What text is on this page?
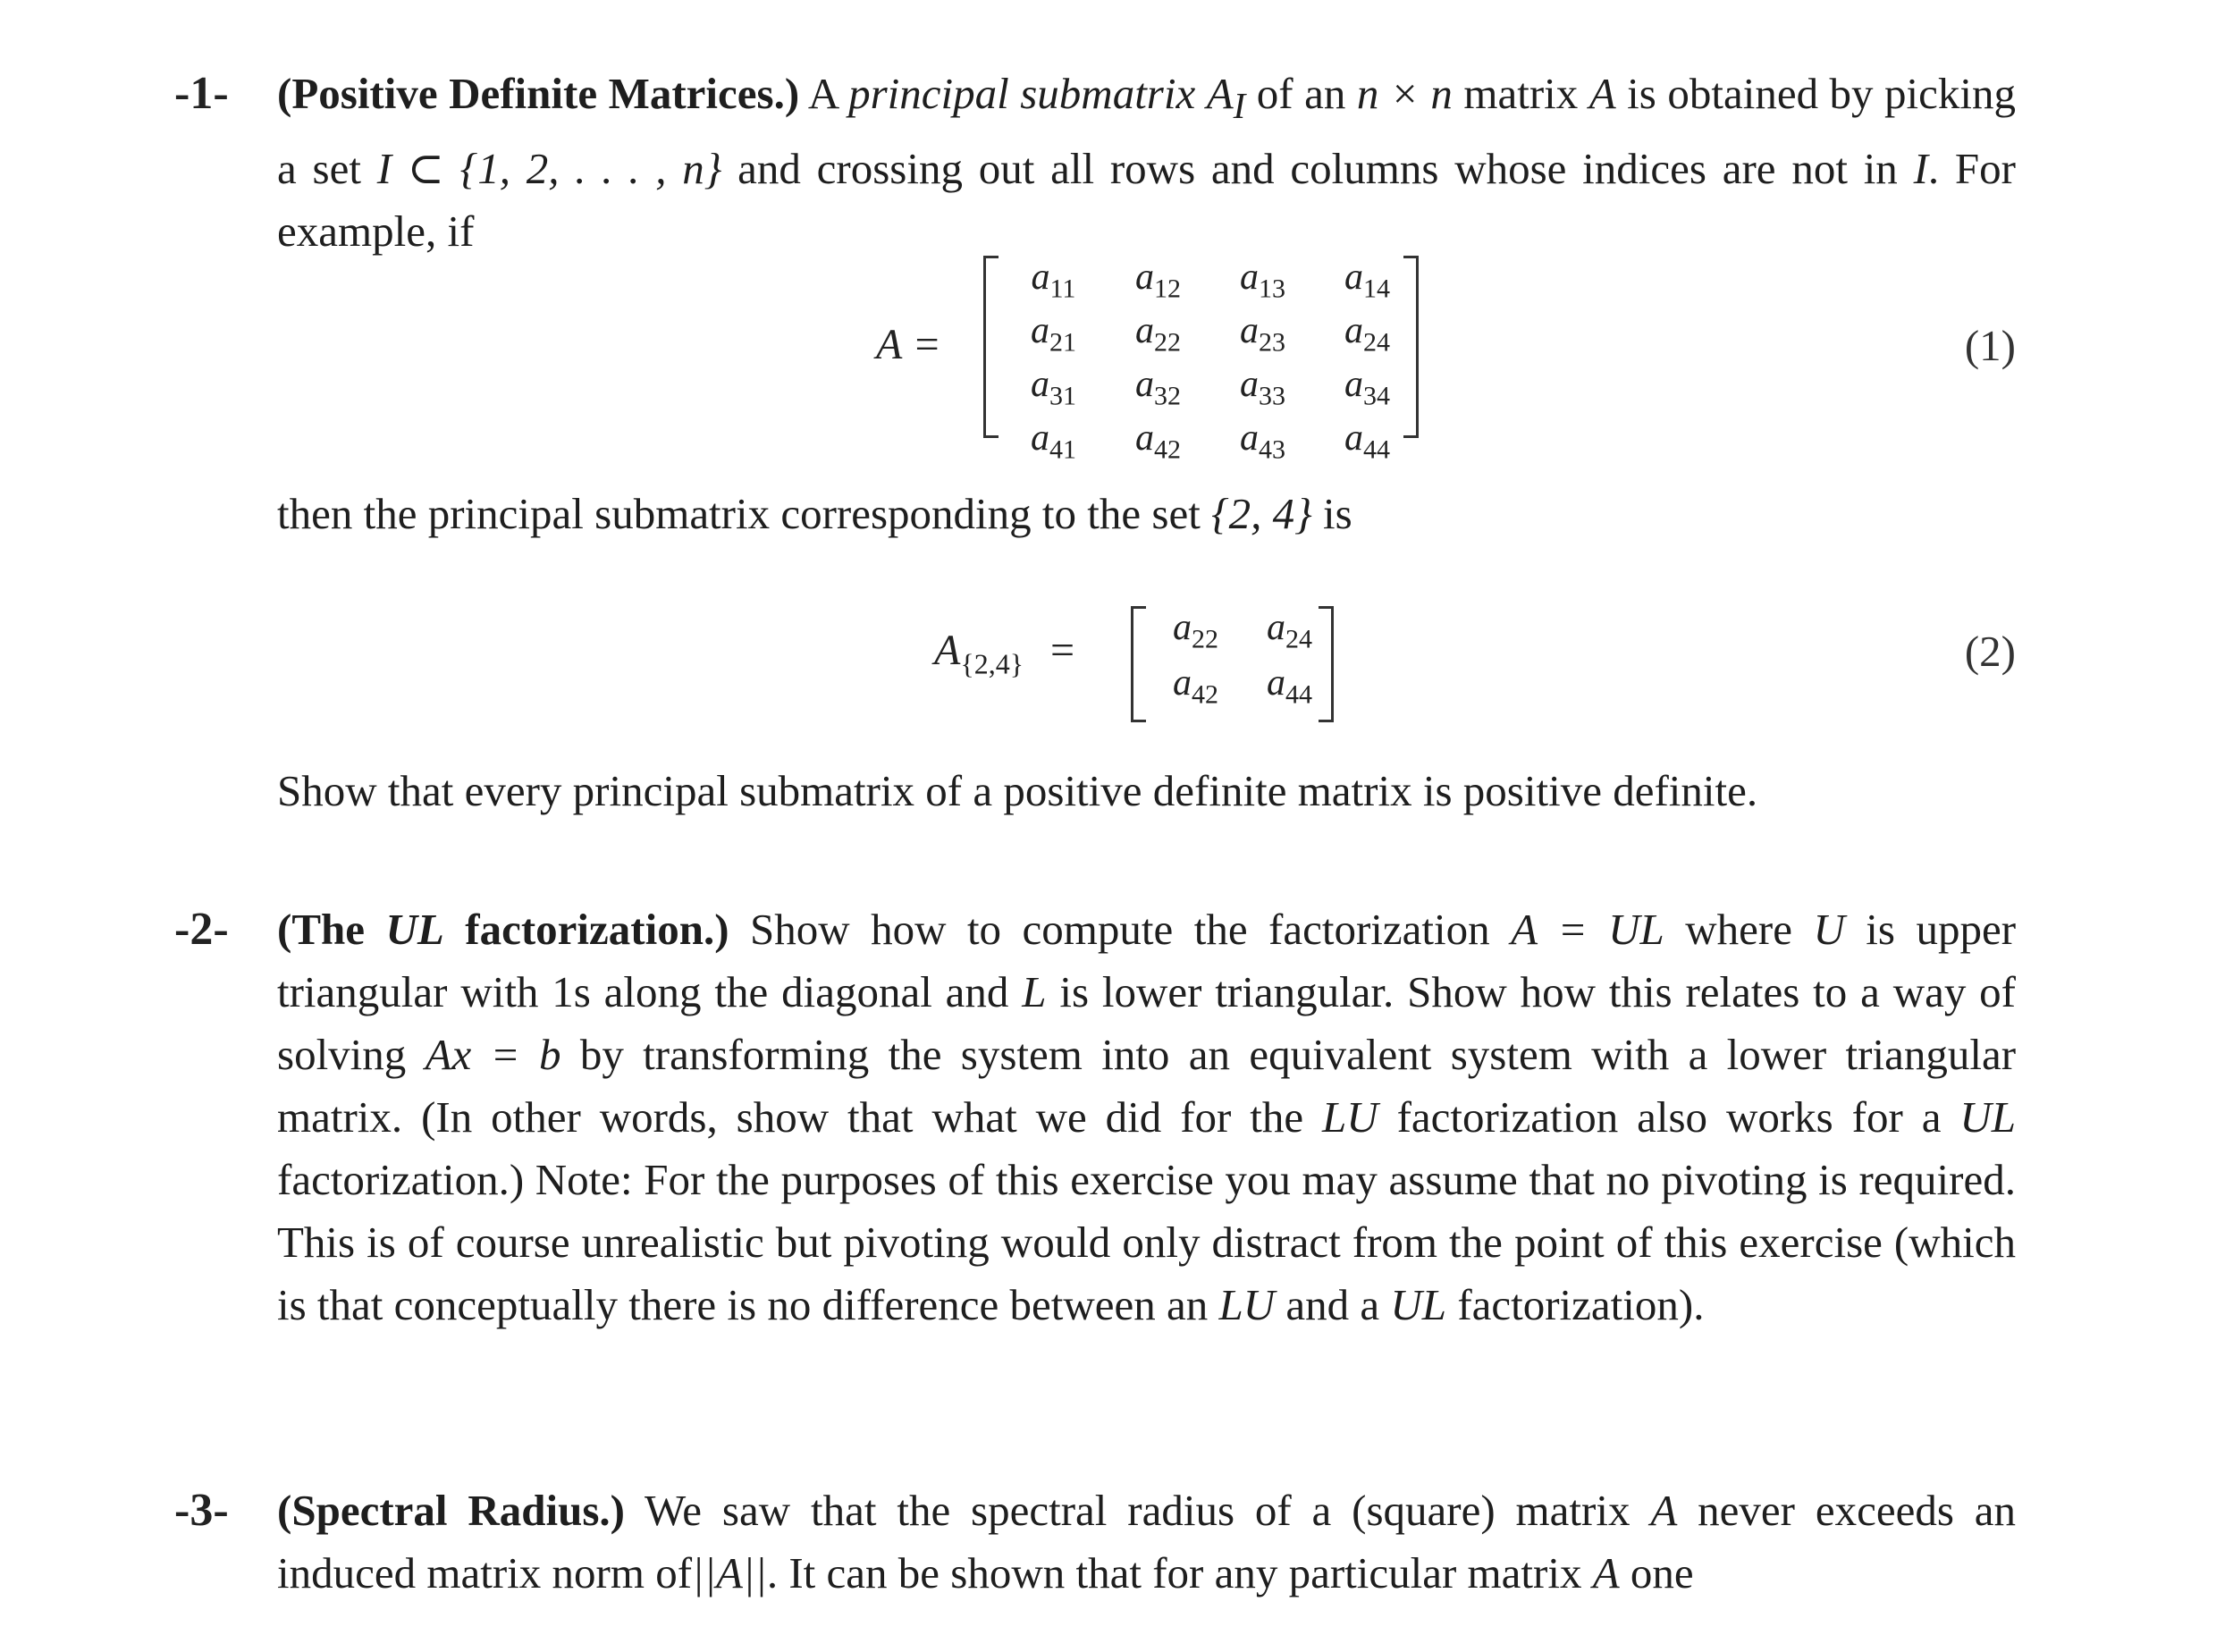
-1-	(Positive Definite Matrices.) A principal submatrix $A_I$ of an n × n matrix A is obtained by picking a set I ⊂ {1, 2, . . . , n} and crossing out all rows and columns whose indices are not in I. For example, if
A =
$a_{11}$	$a_{12}$	$a_{13}$	$a_{14}$
$a_{21}$	$a_{22}$	$a_{23}$	$a_{24}$
$a_{31}$	$a_{32}$	$a_{33}$	$a_{34}$
$a_{41}$	$a_{42}$	$a_{43}$	$a_{44}$
(1)
then the principal submatrix corresponding to the set {2, 4} is
$A_{\{2,4\}}$ =	$a_{22}$	$a_{24}$
$a_{42}$	$a_{44}$
(2)
Show that every principal submatrix of a positive definite matrix is positive definite.
-2-	(The UL factorization.) Show how to compute the factorization A = UL where U is upper triangular with 1s along the diagonal and L is lower triangular. Show how this relates to a way of solving Ax = b by transforming the system into an equivalent system with a lower triangular matrix. (In other words, show that what we did for the LU factorization also works for a UL factorization.) Note: For the purposes of this exercise you may assume that no pivoting is required. This is of course unrealistic but pivoting would only distract from the point of this exercise (which is that conceptually there is no difference between an LU and a UL factorization).
-3-	(Spectral Radius.) We saw that the spectral radius of a (square) matrix A never exceeds an induced matrix norm of||A||. It can be shown that for any particular matrix A one
